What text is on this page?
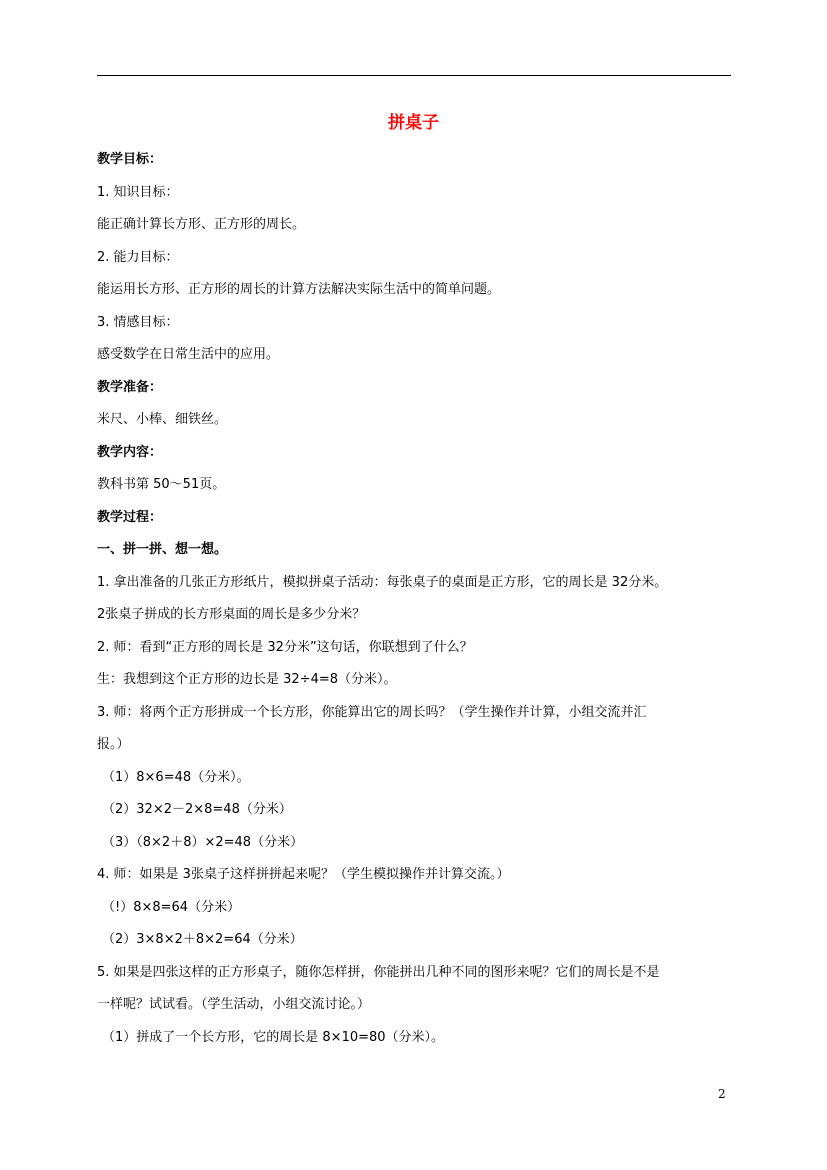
拼桌子
教学目标：
1. 知识目标：
能正确计算长方形、正方形的周长。
2. 能力目标：
能运用长方形、正方形的周长的计算方法解决实际生活中的简单问题。
3. 情感目标：
感受数学在日常生活中的应用。
教学准备：
米尺、小棒、细铁丝。
教学内容：
教科书第 50～51页。
教学过程：
一、拼一拼、想一想。
1. 拿出准备的几张正方形纸片，模拟拼桌子活动：每张桌子的桌面是正方形，它的周长是 32分米。
2张桌子拼成的长方形桌面的周长是多少分米？
2. 师：看到“正方形的周长是 32分米”这句话，你联想到了什么？
生：我想到这个正方形的边长是 32÷4=8（分米）。
3. 师：将两个正方形拼成一个长方形，你能算出它的周长吗？（学生操作并计算，小组交流并汇
报。）
（1）8×6=48（分米）。
（2）32×2－2×8=48（分米）
（3）（8×2＋8）×2=48（分米）
4. 师：如果是 3张桌子这样拼拼起来呢？（学生模拟操作并计算交流。）
（!）8×8=64（分米）
（2）3×8×2＋8×2=64（分米）
5. 如果是四张这样的正方形桌子，随你怎样拼，你能拼出几种不同的图形来呢？它们的周长是不是
一样呢？试试看。（学生活动，小组交流讨论。）
（1）拼成了一个长方形，它的周长是 8×10=80（分米）。
2
